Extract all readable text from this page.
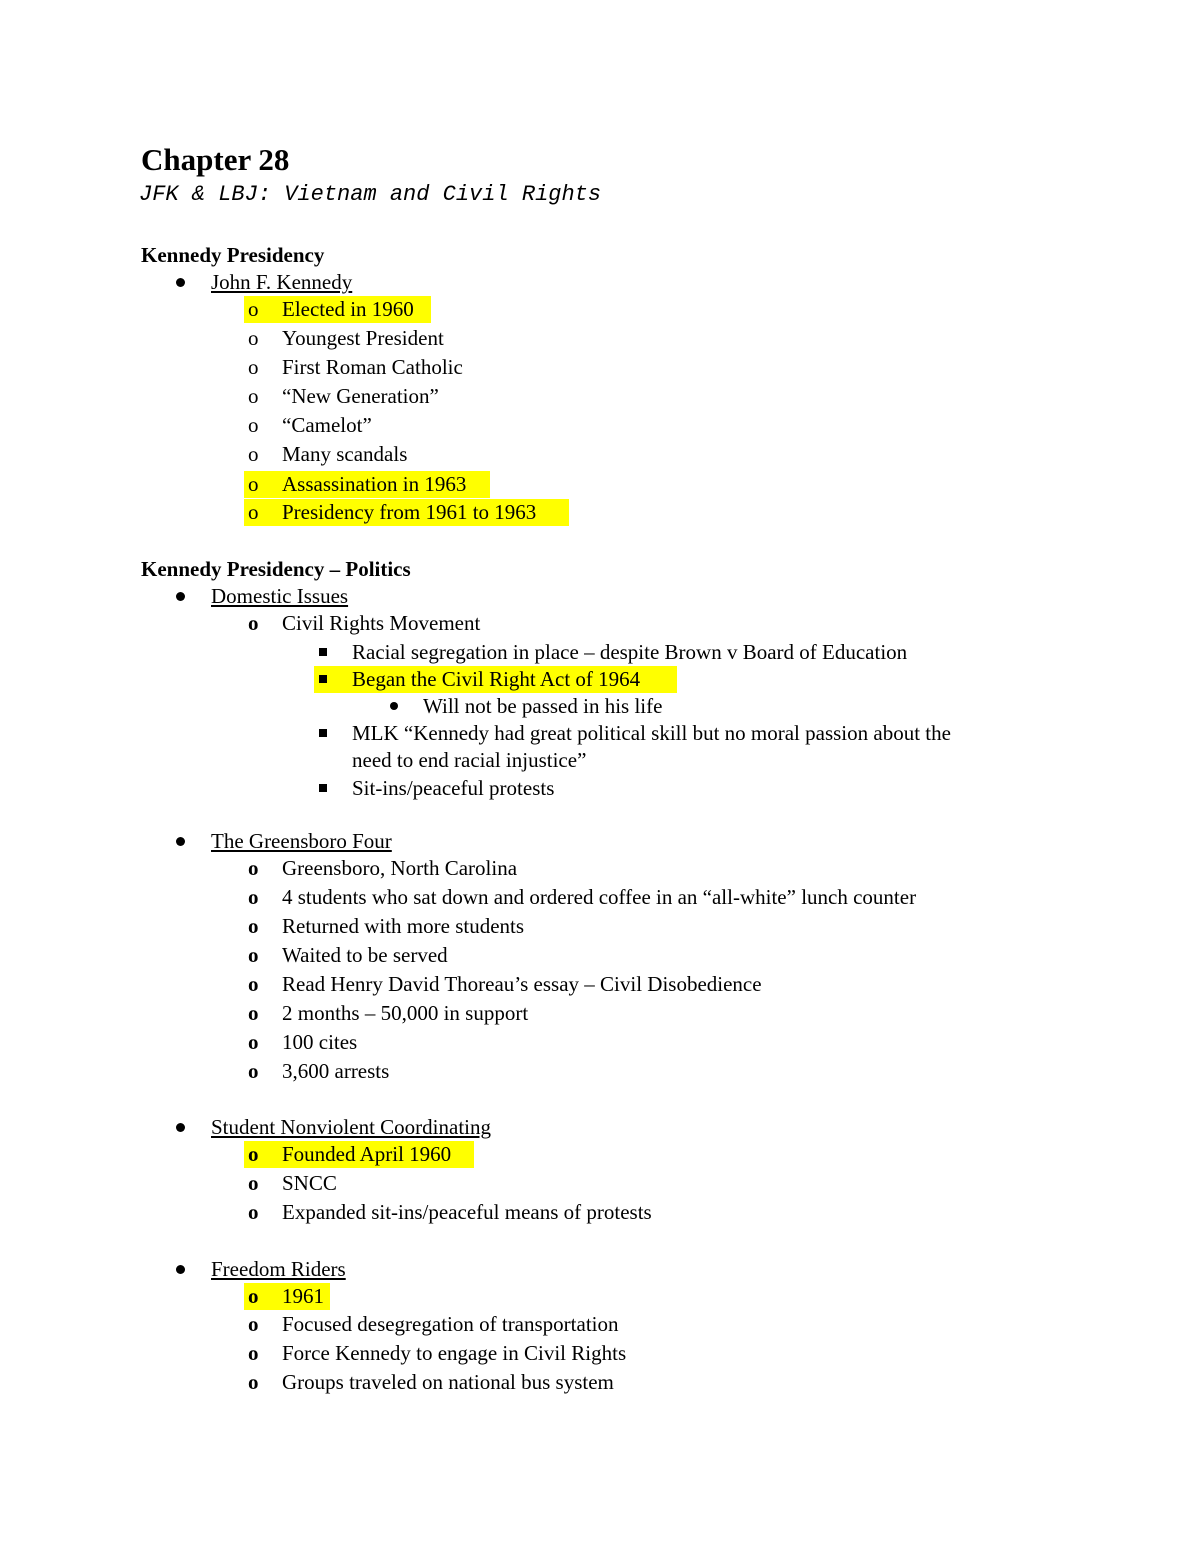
Chapter 28
JFK & LBJ: Vietnam and Civil Rights
Kennedy Presidency
John F. Kennedy
o Elected in 1960
o Youngest President
o First Roman Catholic
o “New Generation”
o “Camelot”
o Many scandals
o Assassination in 1963
o Presidency from 1961 to 1963
Kennedy Presidency – Politics
Domestic Issues
o Civil Rights Movement
Racial segregation in place – despite Brown v Board of Education
Began the Civil Right Act of 1964
Will not be passed in his life
MLK “Kennedy had great political skill but no moral passion about the
need to end racial injustice”
Sit-ins/peaceful protests
The Greensboro Four
o Greensboro, North Carolina
o 4 students who sat down and ordered coffee in an “all-white” lunch counter
o Returned with more students
o Waited to be served
o Read Henry David Thoreau’s essay – Civil Disobedience
o 2 months – 50,000 in support
o 100 cites
o 3,600 arrests
Student Nonviolent Coordinating
o Founded April 1960
o SNCC
o Expanded sit-ins/peaceful means of protests
Freedom Riders
o 1961
o Focused desegregation of transportation
o Force Kennedy to engage in Civil Rights
o Groups traveled on national bus system
